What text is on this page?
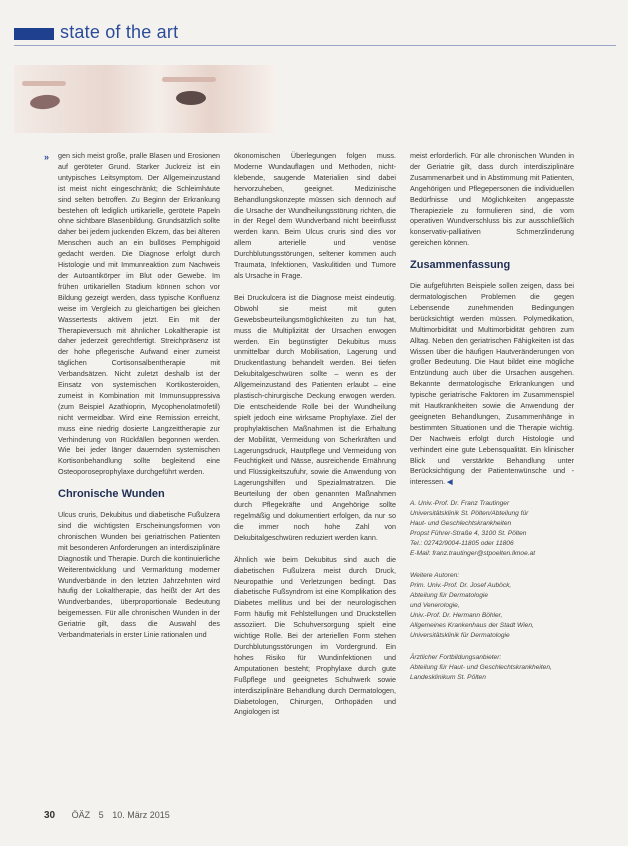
state of the art
» gen sich meist große, pralle Blasen und Erosionen auf geröteter Grund. Starker Juckreiz ist ein untypisches Leitsymptom. Der Allgemeinzustand ist meist nicht eingeschränkt; die Schleimhäute sind selten betroffen. Zu Beginn der Erkrankung bestehen oft lediglich urtikarielle, gerötete Papeln ohne sichtbare Blasenbildung. Grundsätzlich sollte daher bei jedem juckenden Ekzem, das bei älteren Menschen auch an ein bullöses Pemphigoid gedacht werden. Die Diagnose erfolgt durch Histologie und mit Immunreaktion zum Nachweis der Autoantikörper im Blut oder Gewebe. Im frühen urtikariellen Stadium können schon vor Bildung gezeigt werden, dass typische Konfluenz weise im Vergleich zu gleichartigen bei gleichen Wassertests aktivem jetzt. Ein mit der Therapieversuch mit ähnlicher Lokaltherapie ist daher jederzeit gerechtfertigt. Streichpräsenz ist der hohe pflegerische Aufwand einer zumeist täglichen Cortisonsalbentherapie mit Verbandsätzen. Nicht zuletzt deshalb ist der Einsatz von systemischen Kortikosteroiden, zumeist in Kombination mit Immunsuppressiva (zum Beispiel Azathioprin, Mycophenolatmofetil) nicht vermeidbar. Wird eine Remission erreicht, muss eine niedrig dosierte Langzeittherapie zur Verhinderung von Rückfällen begonnen werden. Wie bei jeder länger dauernden systemischen Kortisonbehandlung sollte begleitend eine Osteoporoseprophylaxe durchgeführt werden.

Chronische Wunden

Ulcus cruris, Dekubitus und diabetische Fußulzera sind die wichtigsten Erscheinungsformen von chronischen Wunden bei geriatrischen Patienten mit besonderen Anforderungen an interdisziplinäre Diagnostik und Therapie. Durch die kontinuierliche Weiterentwicklung und Vermarktung moderner Wundverbände in den letzten Jahrzehnten wird häufig der Lokaltherapie, das heißt der Art des Wundverbandes, überproportionale Bedeutung beigemessen. Für alle chronischen Wunden in der Geriatrie gilt, dass die Auswahl des Verbandmaterials in erster Linie rationalen und

ökonomischen Überlegungen folgen muss. Moderne Wundauflagen und Methoden, nicht-klebende, saugende Materialien sind dabei hervorzuheben, geeignet. Medizinische Behandlungskonzepte müssen sich dennoch auf die Ursache der Wundheilungsstörung richten, die in der Regel dem Wundverband nicht beeinflusst werden kann. Beim Ulcus cruris sind dies vor allem arterielle und venöse Durchblutungsstörungen, seltener kommen auch Traumata, Infektionen, Vaskulitiden und Tumore als Ursache in Frage.

Bei Druckulcera ist die Diagnose meist eindeutig. Obwohl sie meist mit guten Gewebsbeurteilungsmöglichkeiten zu tun hat, muss die Multiplizität der Ursachen erwogen werden. Ein begünstigter Dekubitus muss unmittelbar durch Mobilisation, Lagerung und Druckentlastung behandelt werden. Bei tiefen Dekubitalgeschwüren sollte – wenn es der Allgemeinzustand des Patienten erlaubt – eine plastisch-chirurgische Deckung erwogen werden. Die entscheidende Rolle bei der Wundheilung spielt jedoch eine wirksame Prophylaxe. Ziel der prophylaktischen Maßnahmen ist die Erhaltung der Mobilität, Vermeidung von Scherkräften und Lagerungsdruck, Hautpflege und Vermeidung von Feuchtigkeit und Nässe, ausreichende Ernährung und Flüssigkeitszufuhr, sowie die Anwendung von Lagerungshilfen und Spezialmatratzen. Die Beurteilung der oben genannten Maßnahmen durch Pflegekräfte und Angehörige sollte regelmäßig und dokumentiert erfolgen, da nur so die immer noch hohe Zahl von Dekubitalgeschwüren reduziert werden kann.

Ähnlich wie beim Dekubitus sind auch die diabetischen Fußulzera meist durch Druck, Neuropathie und Verletzungen bedingt. Das diabetische Fußsyndrom ist eine Komplikation des Diabetes mellitus und bei der neurologischen Form häufig mit Fehlstellungen und Druckstellen assoziiert. Die Schuhversorgung spielt eine wichtige Rolle. Bei der arteriellen Form stehen Durchblutungsstörungen im Vordergrund. Ein hohes Risiko für Wundinfektionen und Amputationen besteht; Prophylaxe durch gute Fußpflege und geeignetes Schuhwerk sowie interdisziplinäre Behandlung durch Dermatologen, Diabetologen, Chirurgen, Orthopäden und Angiologen ist

meist erforderlich. Für alle chronischen Wunden in der Geriatrie gilt, dass durch interdisziplinäre Zusammenarbeit und in Abstimmung mit Patienten, Angehörigen und Pflegepersonen die individuellen Bedürfnisse und Möglichkeiten angepasste Therapieziele zu formulieren sind, die vom operativen Wundverschluss bis zur ausschließlich konservativ-palliativen Schmerzlinderung gereichen können.

Zusammenfassung

Die aufgeführten Beispiele sollen zeigen, dass bei dermatologischen Problemen die gegen Lebensende zunehmenden Bedingungen berücksichtigt werden müssen. Polymedikation, Multimorbidität und Multimorbidität gehören zum Alltag. Neben den geriatrischen Fähigkeiten ist das Wissen über die häufigen Hautveränderungen von großer Bedeutung. Die Haut bildet eine mögliche Entzündung auch über die Ursachen ausgehen. Bekannte dermatologische Erkrankungen und typische geriatrische Faktoren im Zusammenspiel mit Hautkrankheiten sowie die Anwendung der geeigneten Behandlungen, Zusammenhänge in bestimmten Situationen und die Therapie wichtig. Der Nachweis erfolgt durch Histologie und verhindert eine gute Lebensqualität. Ein klinischer Blick und verstärkte Behandlung unter Berücksichtigung der Patientenwünsche und -interessen. ◀

A. Univ.-Prof. Dr. Franz Trautinger
Universitätsklinik St. Pölten/Abteilung für
Haut- und Geschlechtskrankheiten
Propst Führer-Straße 4, 3100 St. Pölten
Tel.: 02742/9004-11805 oder 11806
E-Mail: franz.trautinger@stpoelten.lknoe.at
Weitere Autoren:
Prim. Univ.-Prof. Dr. Josef Auböck,
Abteilung für Dermatologie
und Venerologie,
Univ.-Prof. Dr. Hermann Böhler,
Allgemeines Krankenhaus der Stadt Wien,
Universitätsklinik für Dermatologie
Ärztlicher Fortbildungsanbieter:
Abteilung für Haut- und Geschlechtskrankheiten,
Landesklinikum St. Pölten
30 ÖÄZ 5 10. März 2015
